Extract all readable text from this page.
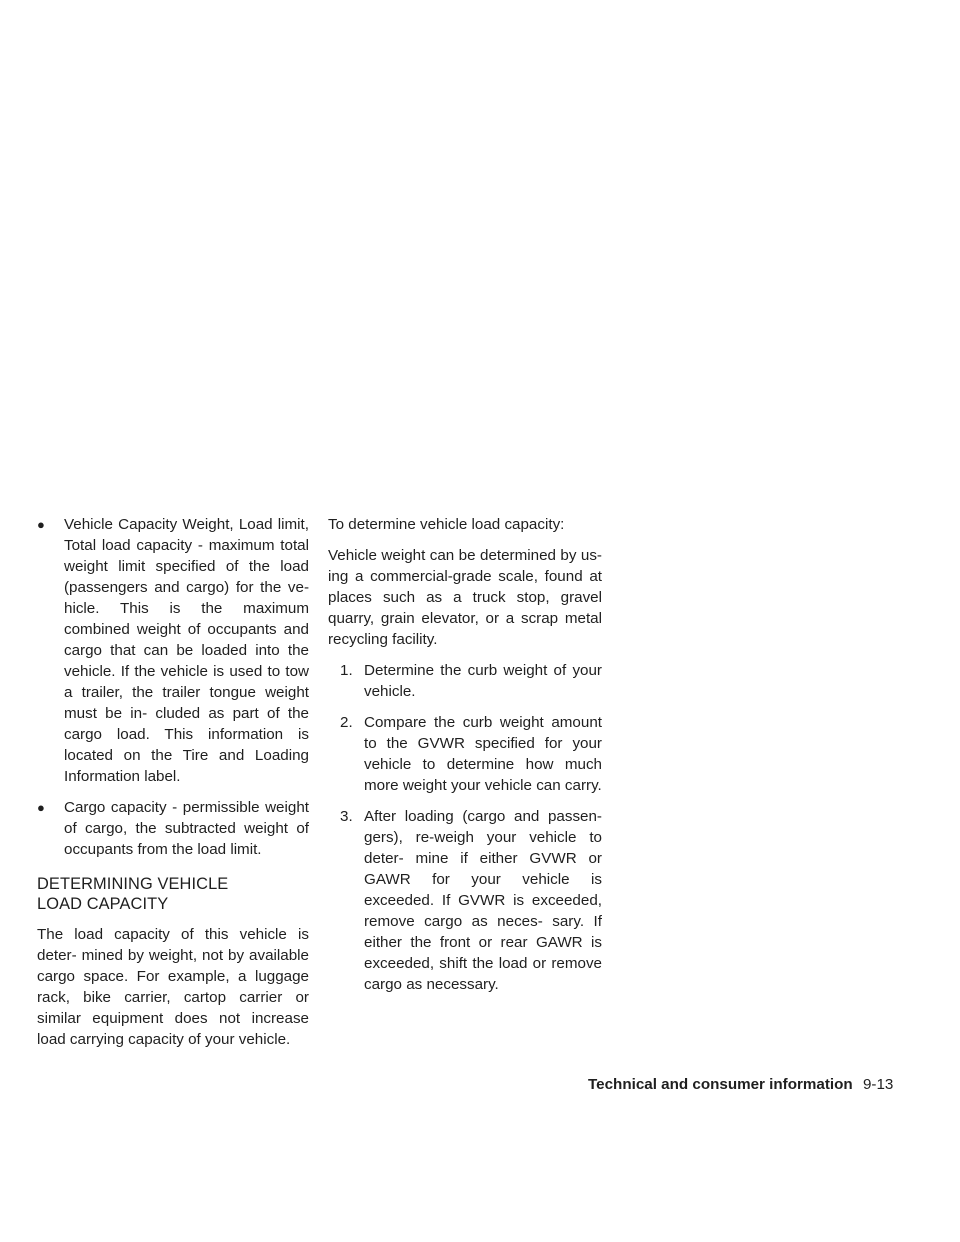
● Vehicle Capacity Weight, Load limit, Total load capacity - maximum total weight limit specified of the load (passengers and cargo) for the ve- hicle. This is the maximum combined weight of occupants and cargo that can be loaded into the vehicle. If the vehicle is used to tow a trailer, the trailer tongue weight must be in- cluded as part of the cargo load. This information is located on the Tire and Loading Information label.
● Cargo capacity - permissible weight of cargo, the subtracted weight of occupants from the load limit.
DETERMINING VEHICLE LOAD CAPACITY

The load capacity of this vehicle is deter- mined by weight, not by available cargo space. For example, a luggage rack, bike carrier, cartop carrier or similar equipment does not increase load carrying capacity of your vehicle.

To determine vehicle load capacity:

Vehicle weight can be determined by us- ing a commercial-grade scale, found at places such as a truck stop, gravel quarry, grain elevator, or a scrap metal recycling facility.

1. Determine the curb weight of your vehicle.
2. Compare the curb weight amount to the GVWR specified for your vehicle to determine how much more weight your vehicle can carry.
3. After loading (cargo and passen- gers), re-weigh your vehicle to deter- mine if either GVWR or GAWR for your vehicle is exceeded. If GVWR is exceeded, remove cargo as neces- sary. If either the front or rear GAWR is exceeded, shift the load or remove cargo as necessary.
Technical and consumer information 9-13
